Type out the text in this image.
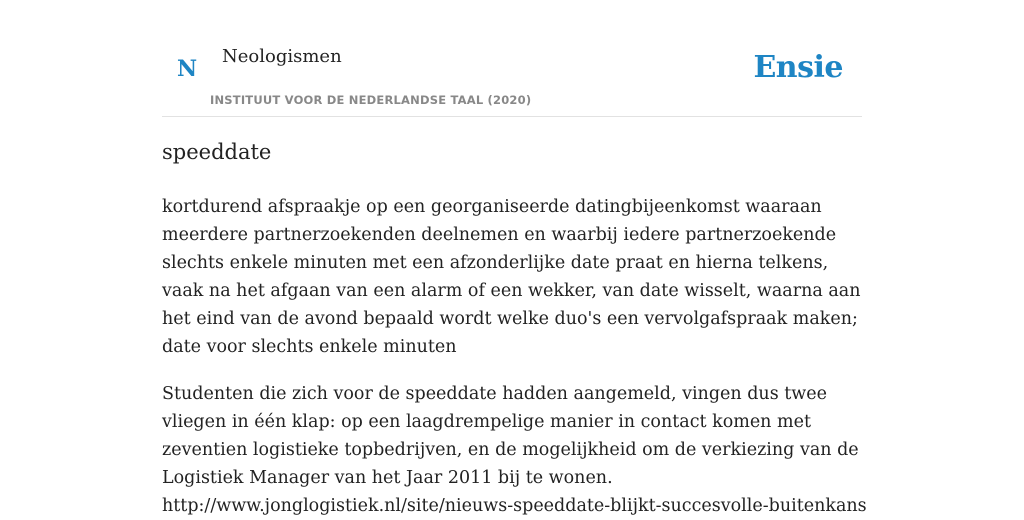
N Neologismen
INSTITUUT VOOR DE NEDERLANDSE TAAL (2020)
Ensie
speeddate

kortdurend afspraakje op een georganiseerde datingbijeenkomst waaraan meerdere partnerzoekenden deelnemen en waarbij iedere partnerzoekende slechts enkele minuten met een afzonderlijke date praat en hierna telkens, vaak na het afgaan van een alarm of een wekker, van date wisselt, waarna aan het eind van de avond bepaald wordt welke duo's een vervolgafspraak maken; date voor slechts enkele minuten

Studenten die zich voor de speeddate hadden aangemeld, vingen dus twee vliegen in één klap: op een laagdrempelige manier in contact komen met zeventien logistieke topbedrijven, en de mogelijkheid om de verkiezing van de Logistiek Manager van het Jaar 2011 bij te wonen.
http://www.jonglogistiek.nl/site/nieuws-speeddate-blijkt-succesvolle-buitenkans
